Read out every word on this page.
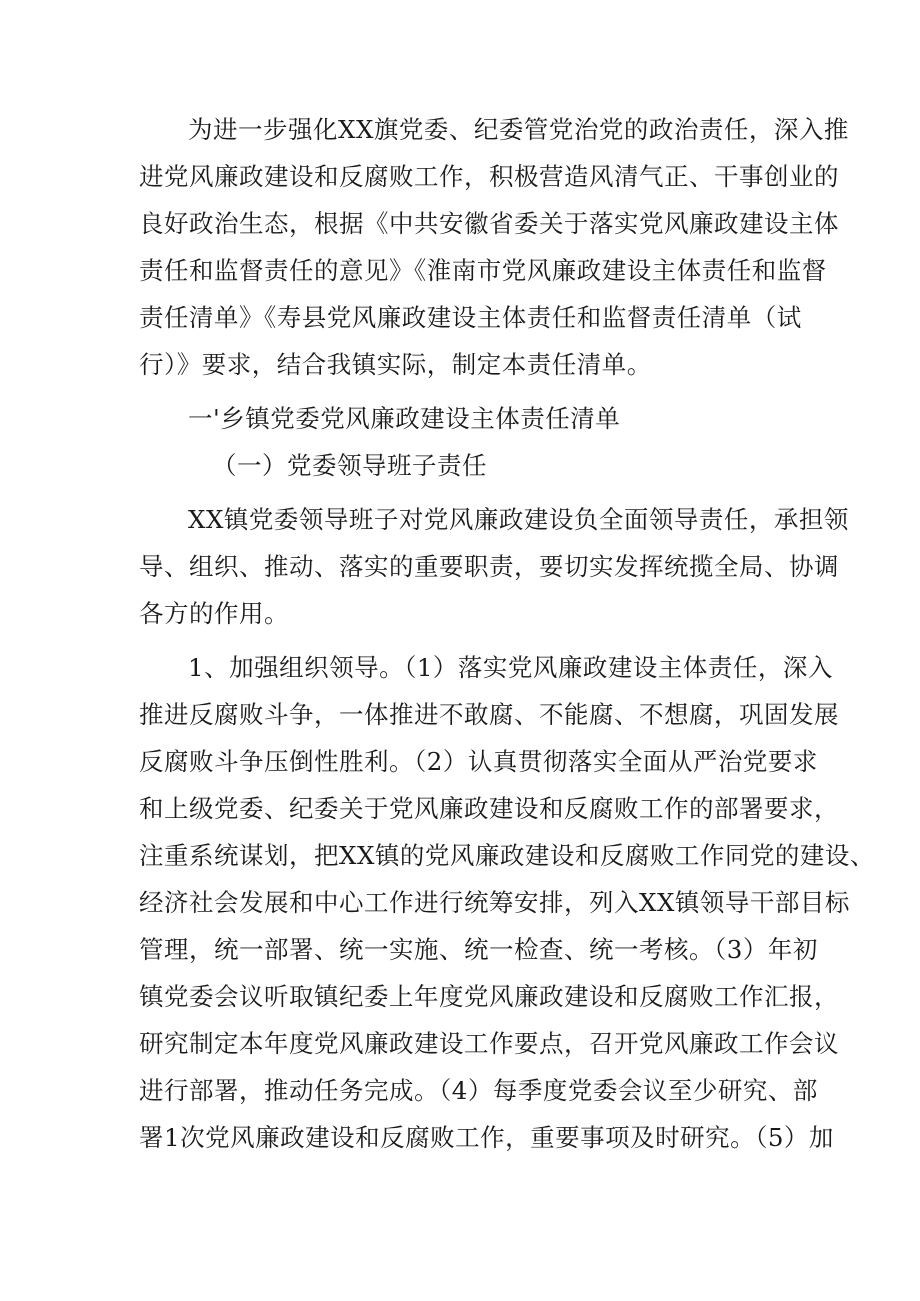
为进一步强化XX旗党委、纪委管党治党的政治责任，深入推
进党风廉政建设和反腐败工作，积极营造风清气正、干事创业的
良好政治生态，根据《中共安徽省委关于落实党风廉政建设主体
责任和监督责任的意见》《淮南市党风廉政建设主体责任和监督
责任清单》《寿县党风廉政建设主体责任和监督责任清单（试
行）》要求，结合我镇实际，制定本责任清单。
一'乡镇党委党风廉政建设主体责任清单
（一）党委领导班子责任
XX镇党委领导班子对党风廉政建设负全面领导责任，承担领
导、组织、推动、落实的重要职责，要切实发挥统揽全局、协调
各方的作用。
1、加强组织领导。（1）落实党风廉政建设主体责任，深入
推进反腐败斗争，一体推进不敢腐、不能腐、不想腐，巩固发展
反腐败斗争压倒性胜利。（2）认真贯彻落实全面从严治党要求
和上级党委、纪委关于党风廉政建设和反腐败工作的部署要求，
注重系统谋划，把XX镇的党风廉政建设和反腐败工作同党的建设、
经济社会发展和中心工作进行统筹安排，列入XX镇领导干部目标
管理，统一部署、统一实施、统一检查、统一考核。（3）年初
镇党委会议听取镇纪委上年度党风廉政建设和反腐败工作汇报，
研究制定本年度党风廉政建设工作要点，召开党风廉政工作会议
进行部署，推动任务完成。（4）每季度党委会议至少研究、部
署1次党风廉政建设和反腐败工作，重要事项及时研究。（5）加
